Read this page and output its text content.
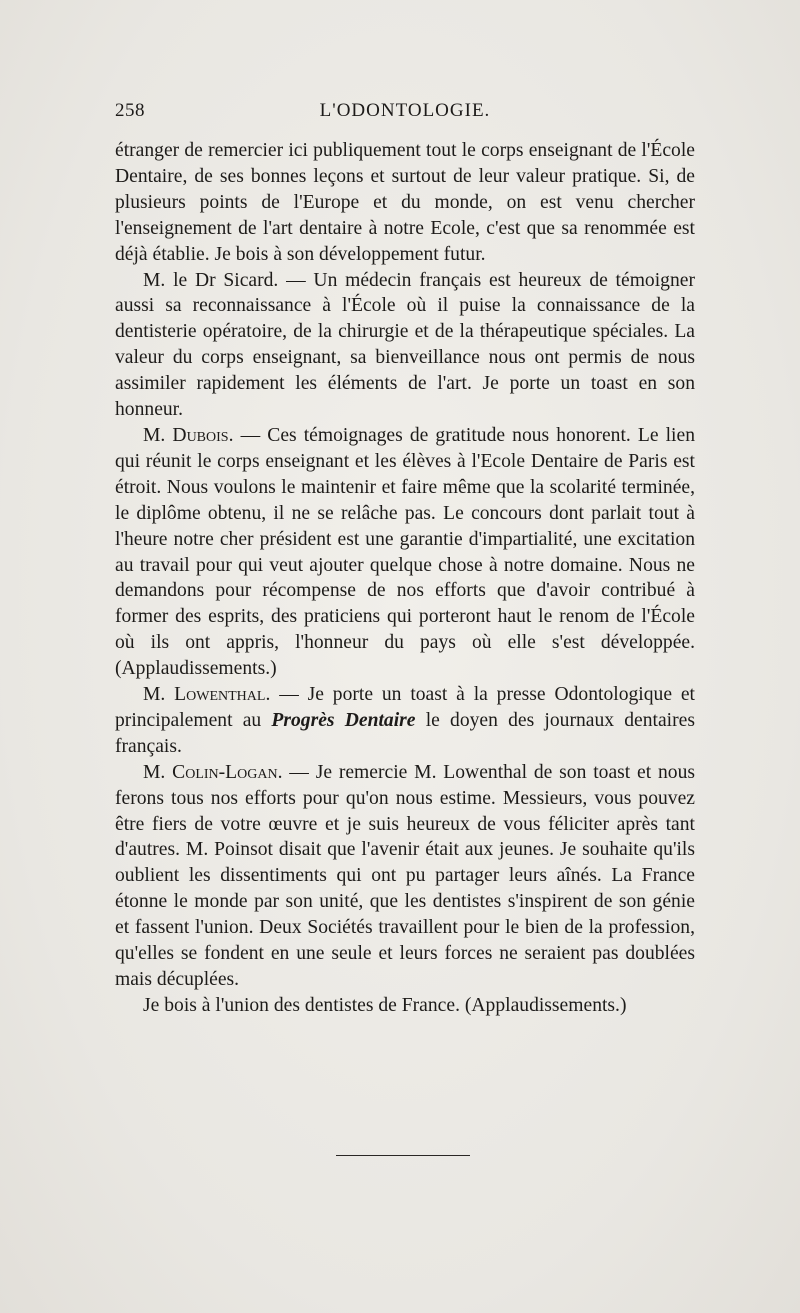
258	L'ODONTOLOGIE.

étranger de remercier ici publiquement tout le corps enseignant de l'École Dentaire, de ses bonnes leçons et surtout de leur valeur pratique. Si, de plusieurs points de l'Europe et du monde, on est venu chercher l'enseignement de l'art dentaire à notre Ecole, c'est que sa renommée est déjà établie. Je bois à son développement futur.

M. le Dr Sicard. — Un médecin français est heureux de témoigner aussi sa reconnaissance à l'École où il puise la connaissance de la dentisterie opératoire, de la chirurgie et de la thérapeutique spéciales. La valeur du corps enseignant, sa bienveillance nous ont permis de nous assimiler rapidement les éléments de l'art. Je porte un toast en son honneur.

M. Dubois. — Ces témoignages de gratitude nous honorent. Le lien qui réunit le corps enseignant et les élèves à l'Ecole Dentaire de Paris est étroit. Nous voulons le maintenir et faire même que la scolarité terminée, le diplôme obtenu, il ne se relâche pas. Le concours dont parlait tout à l'heure notre cher président est une garantie d'impartialité, une excitation au travail pour qui veut ajouter quelque chose à notre domaine. Nous ne demandons pour récompense de nos efforts que d'avoir contribué à former des esprits, des praticiens qui porteront haut le renom de l'École où ils ont appris, l'honneur du pays où elle s'est développée. (Applaudissements.)

M. Lowenthal. — Je porte un toast à la presse Odontologique et principalement au Progrès Dentaire le doyen des journaux dentaires français.

M. Colin-Logan. — Je remercie M. Lowenthal de son toast et nous ferons tous nos efforts pour qu'on nous estime. Messieurs, vous pouvez être fiers de votre œuvre et je suis heureux de vous féliciter après tant d'autres. M. Poinsot disait que l'avenir était aux jeunes. Je souhaite qu'ils oublient les dissentiments qui ont pu partager leurs aînés. La France étonne le monde par son unité, que les dentistes s'inspirent de son génie et fassent l'union. Deux Sociétés travaillent pour le bien de la profession, qu'elles se fondent en une seule et leurs forces ne seraient pas doublées mais décuplées.

Je bois à l'union des dentistes de France. (Applaudissements.)
